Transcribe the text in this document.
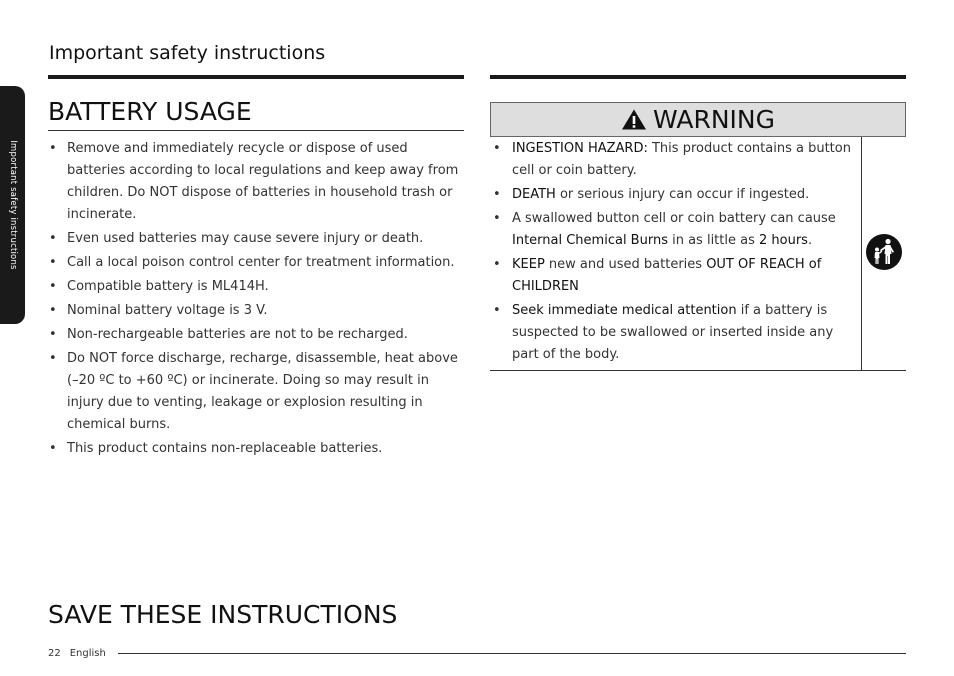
Important safety instructions
Important safety instructions
BATTERY USAGE
• Remove and immediately recycle or dispose of used batteries according to local regulations and keep away from children. Do NOT dispose of batteries in household trash or incinerate.
• Even used batteries may cause severe injury or death.
• Call a local poison control center for treatment information.
• Compatible battery is ML414H.
• Nominal battery voltage is 3 V.
• Non-rechargeable batteries are not to be recharged.
• Do NOT force discharge, recharge, disassemble, heat above (–20 ºC to +60 ºC) or incinerate. Doing so may result in injury due to venting, leakage or explosion resulting in chemical burns.
• This product contains non-replaceable batteries.
WARNING
• INGESTION HAZARD: This product contains a button cell or coin battery.
• DEATH or serious injury can occur if ingested.
• A swallowed button cell or coin battery can cause Internal Chemical Burns in as little as 2 hours.
• KEEP new and used batteries OUT OF REACH of CHILDREN
• Seek immediate medical attention if a battery is suspected to be swallowed or inserted inside any part of the body.
SAVE THESE INSTRUCTIONS
22 English
